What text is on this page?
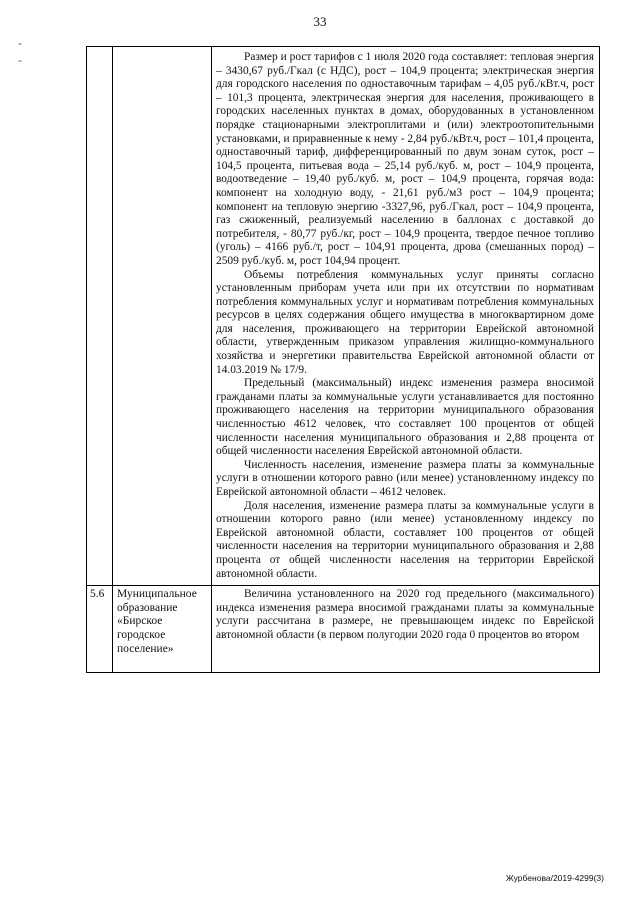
33
-
-

		Размер и рост тарифов с 1 июля 2020 года составляет: тепловая энергия – 3430,67 руб./Гкал (с НДС), рост – 104,9 процента; электрическая энергия для городского населения по одноставочным тарифам – 4,05 руб./кВт.ч, рост – 101,3 процента, электрическая энергия для населения, проживающего в городских населенных пунктах в домах, оборудованных в установленном порядке стационарными электроплитами и (или) электроотопительными установками, и приравненные к нему - 2,84 руб./кВт.ч, рост – 101,4 процента, одноставочный тариф, дифференцированный по двум зонам суток, рост – 104,5 процента, питьевая вода – 25,14 руб./куб. м, рост – 104,9 процента, водоотведение – 19,40 руб./куб. м, рост – 104,9 процента, горячая вода: компонент на холодную воду, - 21,61 руб./м3 рост – 104,9 процента; компонент на тепловую энергию -3327,96, руб./Гкал, рост – 104,9 процента, газ сжиженный, реализуемый населению в баллонах с доставкой до потребителя, - 80,77 руб./кг, рост – 104,9 процента, твердое печное топливо (уголь) – 4166 руб./т, рост – 104,91 процента, дрова (смешанных пород) – 2509 руб./куб. м, рост 104,94 процент.

Объемы потребления коммунальных услуг приняты согласно установленным приборам учета или при их отсутствии по нормативам потребления коммунальных услуг и нормативам потребления коммунальных ресурсов в целях содержания общего имущества в многоквартирном доме для населения, проживающего на территории Еврейской автономной области, утвержденным приказом управления жилищно-коммунального хозяйства и энергетики правительства Еврейской автономной области от 14.03.2019 № 17/9.

Предельный (максимальный) индекс изменения размера вносимой гражданами платы за коммунальные услуги устанавливается для постоянно проживающего населения на территории муниципального образования численностью 4612 человек, что составляет 100 процентов от общей численности населения муниципального образования и 2,88 процента от общей численности населения Еврейской автономной области.

Численность населения, изменение размера платы за коммунальные услуги в отношении которого равно (или менее) установленному индексу по Еврейской автономной области – 4612 человек.

Доля населения, изменение размера платы за коммунальные услуги в отношении которого равно (или менее) установленному индексу по Еврейской автономной области, составляет 100 процентов от общей численности населения на территории муниципального образования и 2,88 процента от общей численности населения на территории Еврейской автономной области.

5.6	Муниципальное образование «Бирское городское поселение»	Величина установленного на 2020 год предельного (максимального) индекса изменения размера вносимой гражданами платы за коммунальные услуги рассчитана в размере, не превышающем индекс по Еврейской автономной области (в первом полугодии 2020 года 0 процентов во втором

Журбенова/2019-4299(3)
